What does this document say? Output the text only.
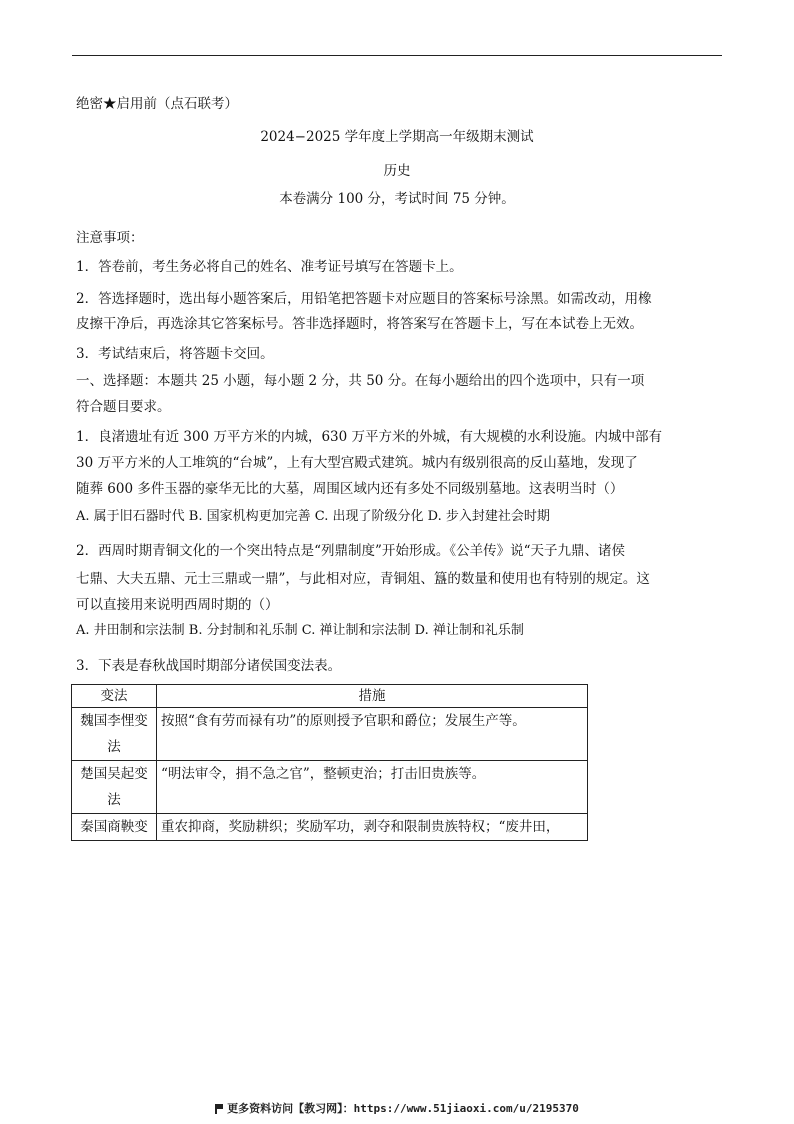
绝密★启用前（点石联考）
2024−2025 学年度上学期高一年级期末测试
历史
本卷满分 100 分，考试时间 75 分钟。
注意事项：
1．答卷前，考生务必将自己的姓名、准考证号填写在答题卡上。
2．答选择题时，选出每小题答案后，用铅笔把答题卡对应题目的答案标号涂黑。如需改动，用橡
皮擦干净后，再选涂其它答案标号。答非选择题时，将答案写在答题卡上，写在本试卷上无效。
3．考试结束后，将答题卡交回。
一、选择题：本题共 25 小题，每小题 2 分，共 50 分。在每小题给出的四个选项中，只有一项
符合题目要求。
1．良渚遗址有近 300 万平方米的内城，630 万平方米的外城，有大规模的水利设施。内城中部有
30 万平方米的人工堆筑的“台城”，上有大型宫殿式建筑。城内有级别很高的反山墓地，发现了
随葬 600 多件玉器的豪华无比的大墓，周围区域内还有多处不同级别墓地。这表明当时（）
A. 属于旧石器时代 B. 国家机构更加完善 C. 出现了阶级分化 D. 步入封建社会时期
2．西周时期青铜文化的一个突出特点是“列鼎制度”开始形成。《公羊传》说“天子九鼎、诸侯
七鼎、大夫五鼎、元士三鼎或一鼎”，与此相对应，青铜俎、簋的数量和使用也有特别的规定。这
可以直接用来说明西周时期的（）
A. 井田制和宗法制 B. 分封制和礼乐制 C. 禅让制和宗法制 D. 禅让制和礼乐制
3．下表是春秋战国时期部分诸侯国变法表。
变法	措施

魏国李悝变
法	按照“食有劳而禄有功”的原则授予官职和爵位；发展生产等。

楚国吴起变
法	“明法审令，捐不急之官”，整顿吏治；打击旧贵族等。

秦国商鞅变	重农抑商，奖励耕织；奖励军功，剥夺和限制贵族特权；“废井田，
更多资料访问【教习网】：https://www.51jiaoxi.com/u/2195370
